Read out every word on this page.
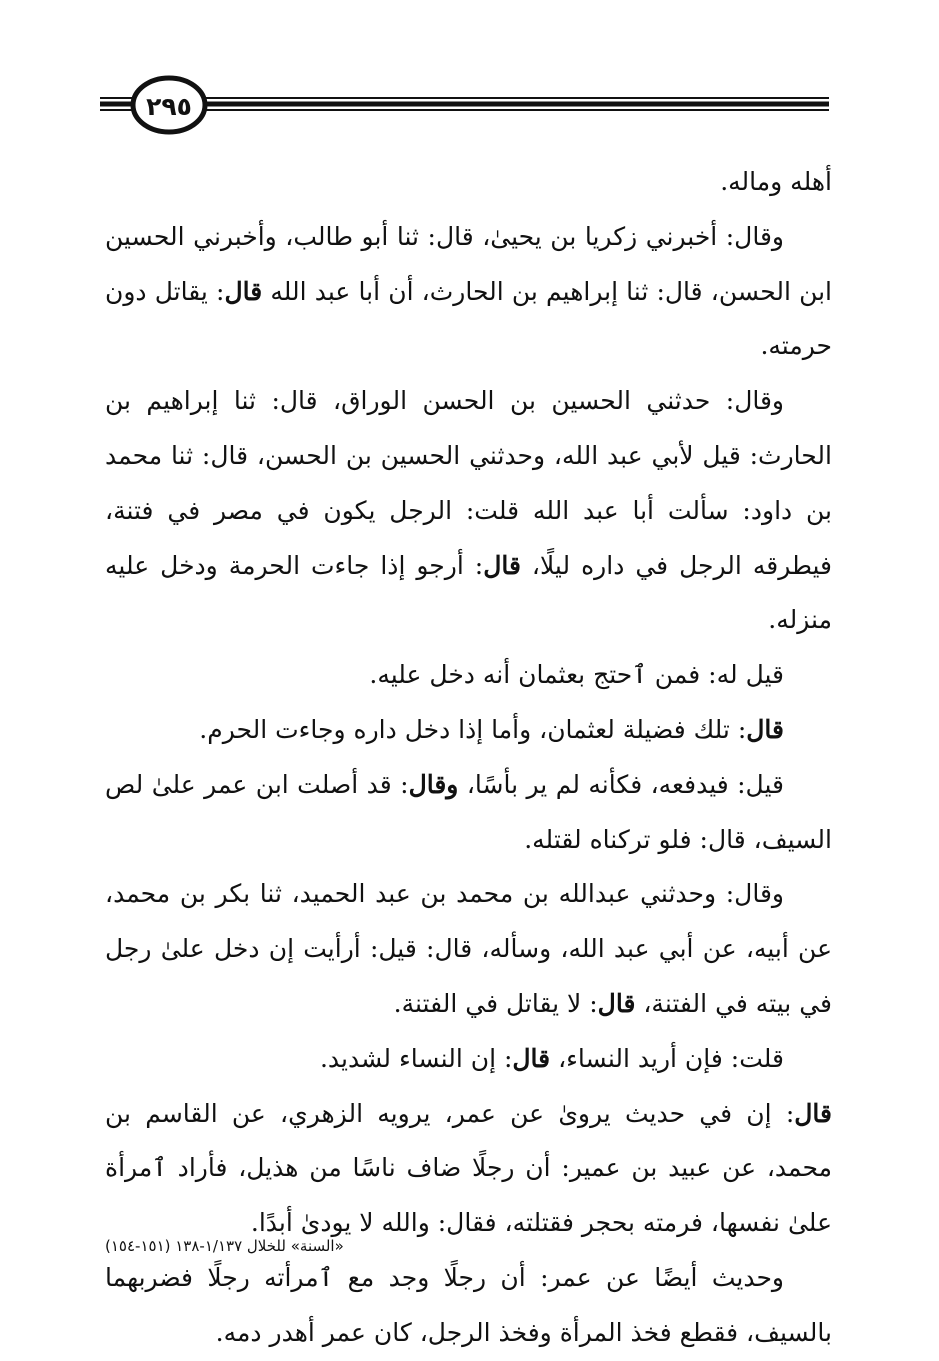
٢٩٥

أهله وماله.

وقال: أخبرني زكريا بن يحيىٰ، قال: ثنا أبو طالب، وأخبرني الحسين ابن الحسن، قال: ثنا إبراهيم بن الحارث، أن أبا عبد الله قال: يقاتل دون حرمته.

وقال: حدثني الحسين بن الحسن الوراق، قال: ثنا إبراهيم بن الحارث: قيل لأبي عبد الله، وحدثني الحسين بن الحسن، قال: ثنا محمد بن داود: سألت أبا عبد الله قلت: الرجل يكون في مصر في فتنة، فيطرقه الرجل في داره ليلًا، قال: أرجو إذا جاءت الحرمة ودخل عليه منزله.

قيل له: فمن ٱحتج بعثمان أنه دخل عليه.

قال: تلك فضيلة لعثمان، وأما إذا دخل داره وجاءت الحرم.

قيل: فيدفعه، فكأنه لم ير بأسًا، وقال: قد أصلت ابن عمر علىٰ لص السيف، قال: فلو تركناه لقتله.

وقال: وحدثني عبدالله بن محمد بن عبد الحميد، ثنا بكر بن محمد، عن أبيه، عن أبي عبد الله، وسأله، قال: قيل: أرأيت إن دخل علىٰ رجل في بيته في الفتنة، قال: لا يقاتل في الفتنة.

قلت: فإن أريد النساء، قال: إن النساء لشديد.

قال: إن في حديث يروىٰ عن عمر، يرويه الزهري، عن القاسم بن محمد، عن عبيد بن عمير: أن رجلًا ضاف ناسًا من هذيل، فأراد ٱمرأة علىٰ نفسها، فرمته بحجر فقتلته، فقال: والله لا يودىٰ أبدًا.

وحديث أيضًا عن عمر: أن رجلًا وجد مع ٱمرأته رجلًا فضربهما بالسيف، فقطع فخذ المرأة وفخذ الرجل، كان عمر أهدر دمه.

«السنة» للخلال ١/١٣٧-١٣٨ (١٥١-١٥٤)
